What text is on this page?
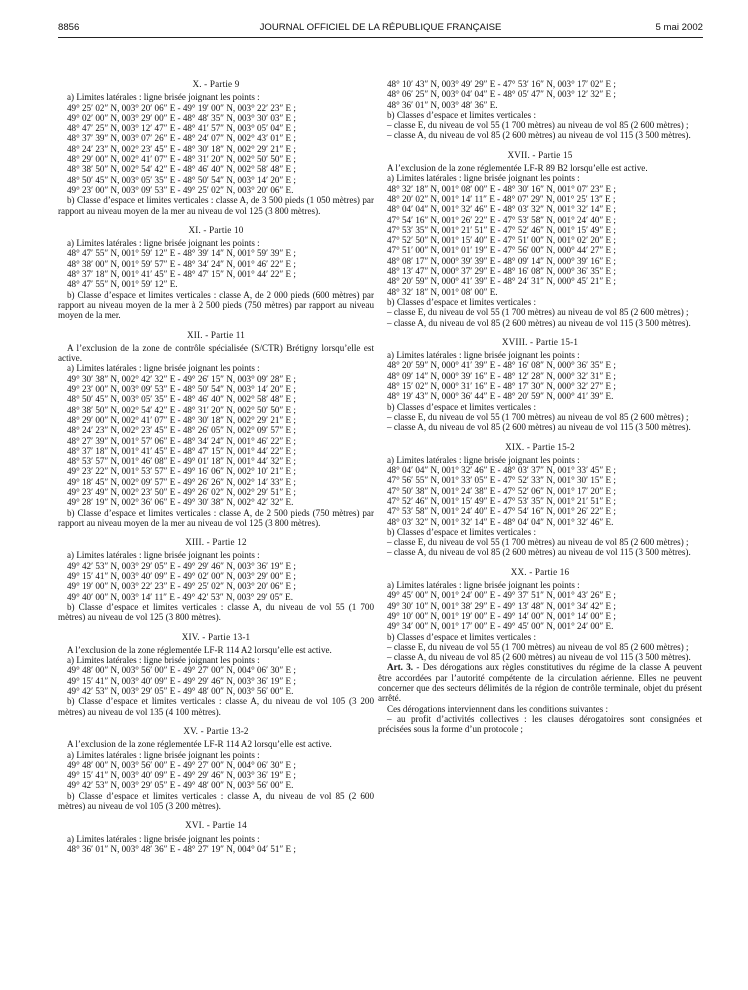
8856	JOURNAL OFFICIEL DE LA RÉPUBLIQUE FRANÇAISE	5 mai 2002
X. - Partie 9
a) Limites latérales : ligne brisée joignant les points :
49° 25′ 02″ N, 003° 20′ 06″ E - 49° 19′ 00″ N, 003° 22′ 23″ E ;
49° 02′ 00″ N, 003° 29′ 00″ E - 48° 48′ 35″ N, 003° 30′ 03″ E ;
48° 47′ 25″ N, 003° 12′ 47″ E - 48° 41′ 57″ N, 003° 05′ 04″ E ;
48° 37′ 39″ N, 003° 07′ 26″ E - 48° 24′ 07″ N, 002° 43′ 01″ E ;
48° 24′ 23″ N, 002° 23′ 45″ E - 48° 30′ 18″ N, 002° 29′ 21″ E ;
48° 29′ 00″ N, 002° 41′ 07″ E - 48° 31′ 20″ N, 002° 50′ 50″ E ;
48° 38′ 50″ N, 002° 54′ 42″ E - 48° 46′ 40″ N, 002° 58′ 48″ E ;
48° 50′ 45″ N, 003° 05′ 35″ E - 48° 50′ 54″ N, 003° 14′ 20″ E ;
49° 23′ 00″ N, 003° 09′ 53″ E - 49° 25′ 02″ N, 003° 20′ 06″ E.
b) Classe d’espace et limites verticales : classe A, de 3 500 pieds (1 050 mètres) par rapport au niveau moyen de la mer au niveau de vol 125 (3 800 mètres).
XI. - Partie 10
a) Limites latérales : ligne brisée joignant les points :
48° 47′ 55″ N, 001° 59′ 12″ E - 48° 39′ 14″ N, 001° 59′ 39″ E ;
48° 38′ 00″ N, 001° 59′ 57″ E - 48° 34′ 24″ N, 001° 46′ 22″ E ;
48° 37′ 18″ N, 001° 41′ 45″ E - 48° 47′ 15″ N, 001° 44′ 22″ E ;
48° 47′ 55″ N, 001° 59′ 12″ E.
b) Classe d’espace et limites verticales : classe A, de 2 000 pieds (600 mètres) par rapport au niveau moyen de la mer à 2 500 pieds (750 mètres) par rapport au niveau moyen de la mer.
XII. - Partie 11
A l’exclusion de la zone de contrôle spécialisée (S/CTR) Brétigny lorsqu’elle est active.
a) Limites latérales : ligne brisée joignant les points :
49° 30′ 38″ N, 002° 42′ 32″ E - 49° 26′ 15″ N, 003° 09′ 28″ E ;
49° 23′ 00″ N, 003° 09′ 53″ E - 48° 50′ 54″ N, 003° 14′ 20″ E ;
48° 50′ 45″ N, 003° 05′ 35″ E - 48° 46′ 40″ N, 002° 58′ 48″ E ;
48° 38′ 50″ N, 002° 54′ 42″ E - 48° 31′ 20″ N, 002° 50′ 50″ E ;
48° 29′ 00″ N, 002° 41′ 07″ E - 48° 30′ 18″ N, 002° 29′ 21″ E ;
48° 24′ 23″ N, 002° 23′ 45″ E - 48° 26′ 05″ N, 002° 09′ 57″ E ;
48° 27′ 39″ N, 001° 57′ 06″ E - 48° 34′ 24″ N, 001° 46′ 22″ E ;
48° 37′ 18″ N, 001° 41′ 45″ E - 48° 47′ 15″ N, 001° 44′ 22″ E ;
48° 53′ 57″ N, 001° 46′ 08″ E - 49° 01′ 18″ N, 001° 44′ 32″ E ;
49° 23′ 22″ N, 001° 53′ 57″ E - 49° 16′ 06″ N, 002° 10′ 21″ E ;
49° 18′ 45″ N, 002° 09′ 57″ E - 49° 26′ 26″ N, 002° 14′ 33″ E ;
49° 23′ 49″ N, 002° 23′ 50″ E - 49° 26′ 02″ N, 002° 29′ 51″ E ;
49° 28′ 19″ N, 002° 36′ 06″ E - 49° 30′ 38″ N, 002° 42′ 32″ E.
b) Classe d’espace et limites verticales : classe A, de 2 500 pieds (750 mètres) par rapport au niveau moyen de la mer au niveau de vol 125 (3 800 mètres).
XIII. - Partie 12
a) Limites latérales : ligne brisée joignant les points :
49° 42′ 53″ N, 003° 29′ 05″ E - 49° 29′ 46″ N, 003° 36′ 19″ E ;
49° 15′ 41″ N, 003° 40′ 09″ E - 49° 02′ 00″ N, 003° 29′ 00″ E ;
49° 19′ 00″ N, 003° 22′ 23″ E - 49° 25′ 02″ N, 003° 20′ 06″ E ;
49° 40′ 00″ N, 003° 14′ 11″ E - 49° 42′ 53″ N, 003° 29′ 05″ E.
b) Classe d’espace et limites verticales : classe A, du niveau de vol 55 (1 700 mètres) au niveau de vol 125 (3 800 mètres).
XIV. - Partie 13-1
A l’exclusion de la zone réglementée LF-R 114 A2 lorsqu’elle est active.
a) Limites latérales : ligne brisée joignant les points :
49° 48′ 00″ N, 003° 56′ 00″ E - 49° 27′ 00″ N, 004° 06′ 30″ E ;
49° 15′ 41″ N, 003° 40′ 09″ E - 49° 29′ 46″ N, 003° 36′ 19″ E ;
49° 42′ 53″ N, 003° 29′ 05″ E - 49° 48′ 00″ N, 003° 56′ 00″ E.
b) Classe d’espace et limites verticales : classe A, du niveau de vol 105 (3 200 mètres) au niveau de vol 135 (4 100 mètres).
XV. - Partie 13-2
A l’exclusion de la zone réglementée LF-R 114 A2 lorsqu’elle est active.
a) Limites latérales : ligne brisée joignant les points :
49° 48′ 00″ N, 003° 56′ 00″ E - 49° 27′ 00″ N, 004° 06′ 30″ E ;
49° 15′ 41″ N, 003° 40′ 09″ E - 49° 29′ 46″ N, 003° 36′ 19″ E ;
49° 42′ 53″ N, 003° 29′ 05″ E - 49° 48′ 00″ N, 003° 56′ 00″ E.
b) Classe d’espace et limites verticales : classe A, du niveau de vol 85 (2 600 mètres) au niveau de vol 105 (3 200 mètres).
XVI. - Partie 14
a) Limites latérales : ligne brisée joignant les points :
48° 36′ 01″ N, 003° 48′ 36″ E - 48° 27′ 19″ N, 004° 04′ 51″ E ;
48° 10′ 43″ N, 003° 49′ 29″ E - 47° 53′ 16″ N, 003° 17′ 02″ E ;
48° 06′ 25″ N, 003° 04′ 04″ E - 48° 05′ 47″ N, 003° 12′ 32″ E ;
48° 36′ 01″ N, 003° 48′ 36″ E.
b) Classes d’espace et limites verticales :
– classe E, du niveau de vol 55 (1 700 mètres) au niveau de vol 85 (2 600 mètres) ;
– classe A, du niveau de vol 85 (2 600 mètres) au niveau de vol 115 (3 500 mètres).
XVII. - Partie 15
A l’exclusion de la zone réglementée LF-R 89 B2 lorsqu’elle est active.
a) Limites latérales : ligne brisée joignant les points :
48° 32′ 18″ N, 001° 08′ 00″ E - 48° 30′ 16″ N, 001° 07′ 23″ E ;
48° 20′ 02″ N, 001° 14′ 11″ E - 48° 07′ 29″ N, 001° 25′ 13″ E ;
48° 04′ 04″ N, 001° 32′ 46″ E - 48° 03′ 32″ N, 001° 32′ 14″ E ;
47° 54′ 16″ N, 001° 26′ 22″ E - 47° 53′ 58″ N, 001° 24′ 40″ E ;
47° 53′ 35″ N, 001° 21′ 51″ E - 47° 52′ 46″ N, 001° 15′ 49″ E ;
47° 52′ 50″ N, 001° 15′ 40″ E - 47° 51′ 00″ N, 001° 02′ 20″ E ;
47° 51′ 00″ N, 001° 01′ 19″ E - 47° 56′ 00″ N, 000° 44′ 27″ E ;
48° 08′ 17″ N, 000° 39′ 39″ E - 48° 09′ 14″ N, 000° 39′ 16″ E ;
48° 13′ 47″ N, 000° 37′ 29″ E - 48° 16′ 08″ N, 000° 36′ 35″ E ;
48° 20′ 59″ N, 000° 41′ 39″ E - 48° 24′ 31″ N, 000° 45′ 21″ E ;
48° 32′ 18″ N, 001° 08′ 00″ E.
b) Classes d’espace et limites verticales :
– classe E, du niveau de vol 55 (1 700 mètres) au niveau de vol 85 (2 600 mètres) ;
– classe A, du niveau de vol 85 (2 600 mètres) au niveau de vol 115 (3 500 mètres).
XVIII. - Partie 15-1
a) Limites latérales : ligne brisée joignant les points :
48° 20′ 59″ N, 000° 41′ 39″ E - 48° 16′ 08″ N, 000° 36′ 35″ E ;
48° 09′ 14″ N, 000° 39′ 16″ E - 48° 12′ 28″ N, 000° 32′ 31″ E ;
48° 15′ 02″ N, 000° 31′ 16″ E - 48° 17′ 30″ N, 000° 32′ 27″ E ;
48° 19′ 43″ N, 000° 36′ 44″ E - 48° 20′ 59″ N, 000° 41′ 39″ E.
b) Classes d’espace et limites verticales :
– classe E, du niveau de vol 55 (1 700 mètres) au niveau de vol 85 (2 600 mètres) ;
– classe A, du niveau de vol 85 (2 600 mètres) au niveau de vol 115 (3 500 mètres).
XIX. - Partie 15-2
a) Limites latérales : ligne brisée joignant les points :
48° 04′ 04″ N, 001° 32′ 46″ E - 48° 03′ 37″ N, 001° 33′ 45″ E ;
47° 56′ 55″ N, 001° 33′ 05″ E - 47° 52′ 33″ N, 001° 30′ 15″ E ;
47° 50′ 38″ N, 001° 24′ 38″ E - 47° 52′ 06″ N, 001° 17′ 20″ E ;
47° 52′ 46″ N, 001° 15′ 49″ E - 47° 53′ 35″ N, 001° 21′ 51″ E ;
47° 53′ 58″ N, 001° 24′ 40″ E - 47° 54′ 16″ N, 001° 26′ 22″ E ;
48° 03′ 32″ N, 001° 32′ 14″ E - 48° 04′ 04″ N, 001° 32′ 46″ E.
b) Classes d’espace et limites verticales :
– classe E, du niveau de vol 55 (1 700 mètres) au niveau de vol 85 (2 600 mètres) ;
– classe A, du niveau de vol 85 (2 600 mètres) au niveau de vol 115 (3 500 mètres).
XX. - Partie 16
a) Limites latérales : ligne brisée joignant les points :
49° 45′ 00″ N, 001° 24′ 00″ E - 49° 37′ 51″ N, 001° 43′ 26″ E ;
49° 30′ 10″ N, 001° 38′ 29″ E - 49° 13′ 48″ N, 001° 34′ 42″ E ;
49° 10′ 00″ N, 001° 19′ 00″ E - 49° 14′ 00″ N, 001° 14′ 00″ E ;
49° 34′ 00″ N, 001° 17′ 00″ E - 49° 45′ 00″ N, 001° 24′ 00″ E.
b) Classes d’espace et limites verticales :
– classe E, du niveau de vol 55 (1 700 mètres) au niveau de vol 85 (2 600 mètres) ;
– classe A, du niveau de vol 85 (2 600 mètres) au niveau de vol 115 (3 500 mètres).
Art. 3. - Des dérogations aux règles constitutives du régime de la classe A peuvent être accordées par l’autorité compétente de la circulation aérienne. Elles ne peuvent concerner que des secteurs délimités de la région de contrôle terminale, objet du présent arrêté.
Ces dérogations interviennent dans les conditions suivantes :
– au profit d’activités collectives : les clauses dérogatoires sont consignées et précisées sous la forme d’un protocole ;
